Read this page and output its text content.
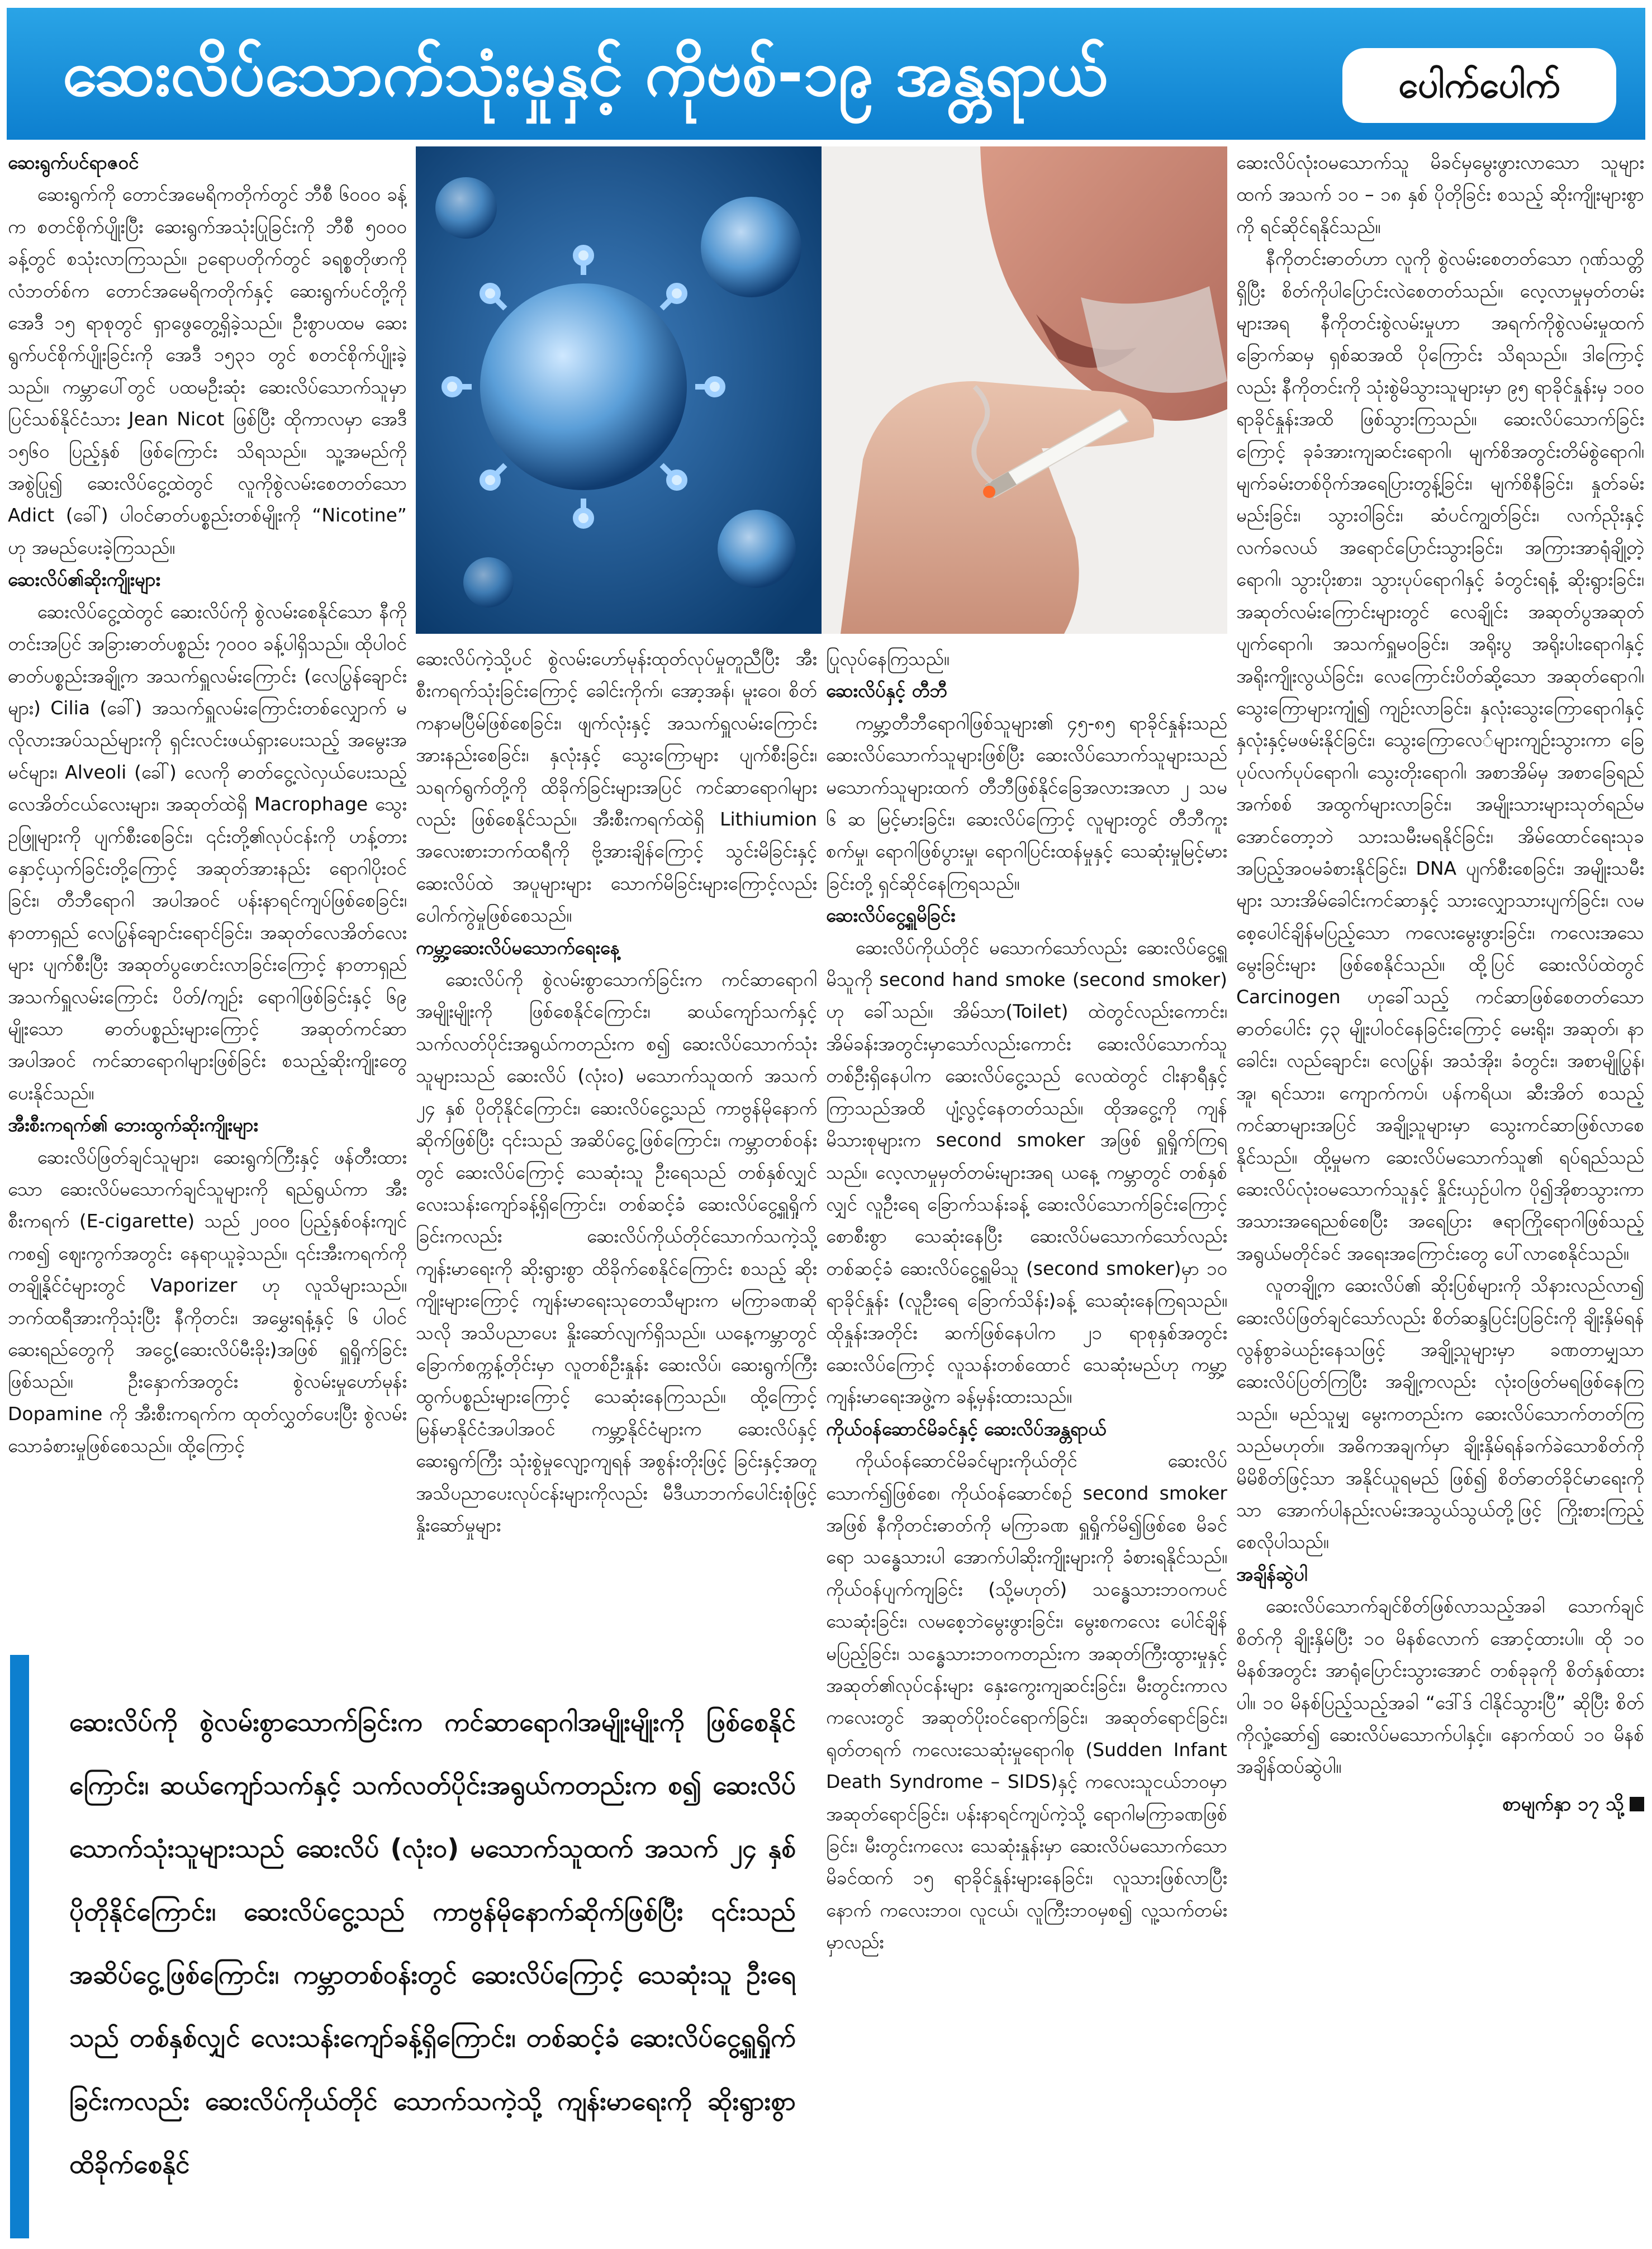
ဆေးလိပ်သောက်သုံးမှုနှင့် ကိုဗစ်-၁၉ အန္တရာယ်	ပေါက်ပေါက်
ဆေးရွက်ပင်ရာဇဝင်

ဆေးရွက်ကို တောင်အမေရိကတိုက်တွင် ဘီစီ ၆၀၀၀ ခန့်က စတင်စိုက်ပျိုးပြီး ဆေးရွက်အသုံးပြုခြင်းကို ဘီစီ ၅၀၀၀ ခန့်တွင် စသုံးလာကြသည်။ ဥရောပတိုက်တွင် ခရစ္စတိုဖာကိုလံဘတ်စ်က တောင်အမေရိကတိုက်နှင့် ဆေးရွက်ပင်တို့ကို အေဒီ ၁၅ ရာစုတွင် ရှာဖွေတွေ့ရှိခဲ့သည်။ ဦးစွာပထမ ဆေးရွက်ပင်စိုက်ပျိုးခြင်းကို အေဒီ ၁၅၃၁ တွင် စတင်စိုက်ပျိုးခဲ့သည်။ ကမ္ဘာပေါ်တွင် ပထမဦးဆုံး ဆေးလိပ်သောက်သူမှာ ပြင်သစ်နိုင်ငံသား Jean Nicot ဖြစ်ပြီး ထိုကာလမှာ အေဒီ ၁၅၆၀ ပြည့်နှစ် ဖြစ်ကြောင်း သိရသည်။ သူ့အမည်ကို အစွဲပြု၍ ဆေးလိပ်ငွေ့ထဲတွင် လူကိုစွဲလမ်းစေတတ်သော Adict (ခေါ်) ပါဝင်ဓာတ်ပစ္စည်းတစ်မျိုးကို “Nicotine” ဟု အမည်ပေးခဲ့ကြသည်။

ဆေးလိပ်၏ဆိုးကျိုးများ

ဆေးလိပ်ငွေ့ထဲတွင် ဆေးလိပ်ကို စွဲလမ်းစေနိုင်သော နီကိုတင်းအပြင် အခြားဓာတ်ပစ္စည်း ၇၀၀၀ ခန့်ပါရှိသည်။ ထိုပါဝင်ဓာတ်ပစ္စည်းအချို့က အသက်ရှူလမ်းကြောင်း (လေပြွန်ချောင်းများ) Cilia (ခေါ်) အသက်ရှူလမ်းကြောင်းတစ်လျှောက် မလိုလားအပ်သည်များကို ရှင်းလင်းဖယ်ရှားပေးသည့် အမွေးအမင်များ၊ Alveoli (ခေါ်) လေကို ဓာတ်ငွေ့လဲလှယ်ပေးသည့် လေအိတ်ငယ်လေးများ၊ အဆုတ်ထဲရှိ Macrophage သွေးဥဖြူများကို ပျက်စီးစေခြင်း၊ ၎င်းတို့၏လုပ်ငန်းကို ဟန့်တားနှောင့်ယှက်ခြင်းတို့ကြောင့် အဆုတ်အားနည်း ရောဂါပိုးဝင်ခြင်း၊ တီဘီရောဂါ အပါအဝင် ပန်းနာရင်ကျပ်ဖြစ်စေခြင်း၊ နာတာရှည် လေပြွန်ချောင်းရောင်ခြင်း၊ အဆုတ်လေအိတ်လေးများ ပျက်စီးပြီး အဆုတ်ပွဖောင်းလာခြင်းကြောင့် နာတာရှည် အသက်ရှူလမ်းကြောင်း ပိတ်/ကျဉ်း ရောဂါဖြစ်ခြင်းနှင့် ၆၉ မျိုးသော ဓာတ်ပစ္စည်းများကြောင့် အဆုတ်ကင်ဆာ အပါအဝင် ကင်ဆာရောဂါများဖြစ်ခြင်း စသည့်ဆိုးကျိုးတွေ ပေးနိုင်သည်။

အီးစီးကရက်၏ ဘေးထွက်ဆိုးကျိုးများ

ဆေးလိပ်ဖြတ်ချင်သူများ၊ ဆေးရွက်ကြီးနှင့် ဖန်တီးထားသော ဆေးလိပ်မသောက်ချင်သူများကို ရည်ရွယ်ကာ အီးစီးကရက် (E-cigarette) သည် ၂၀၀၀ ပြည့်နှစ်ဝန်းကျင်ကစ၍ ဈေးကွက်အတွင်း နေရာယူခဲ့သည်။ ၎င်းအီးကရက်ကို တချို့နိုင်ငံများတွင် Vaporizer ဟု လူသိများသည်။ ဘက်ထရီအားကိုသုံးပြီး နီကိုတင်း၊ အမွှေးရနံ့နှင့် ၆ ပါဝင်ဆေးရည်တွေကို အငွေ့(ဆေးလိပ်မီးခိုး)အဖြစ် ရှူရှိုက်ခြင်းဖြစ်သည်။ ဦးနှောက်အတွင်း စွဲလမ်းမှုဟော်မုန်း Dopamine ကို အီးစီးကရက်က ထုတ်လွှတ်ပေးပြီး စွဲလမ်းသောခံစားမှုဖြစ်စေသည်။ ထို့ကြောင့်

ဆေးလိပ်ကဲ့သို့ပင် စွဲလမ်းဟော်မုန်းထုတ်လုပ်မှုတူညီပြီး အီးစီးကရက်သုံးခြင်းကြောင့် ခေါင်းကိုက်၊ အော့အန်၊ မူးဝေ၊ စိတ်ကနာမပြီမ်ဖြစ်စေခြင်း၊ ဖျက်လုံးနှင့် အသက်ရှူလမ်းကြောင်း အားနည်းစေခြင်း၊ နှလုံးနှင့် သွေးကြောများ ပျက်စီးခြင်း၊ သရက်ရွက်တို့ကို ထိခိုက်ခြင်းများအပြင် ကင်ဆာရောဂါများလည်း ဖြစ်စေနိုင်သည်။ အီးစီးကရက်ထဲရှိ Lithiumion အလေးစားဘက်ထရီကို ဗို့အားချိန်ကြောင့် သွင်းမိခြင်းနှင့် ဆေးလိပ်ထဲ အပူများများ သောက်မိခြင်းများကြောင့်လည်း ပေါက်ကွဲမှုဖြစ်စေသည်။

ကမ္ဘာ့ဆေးလိပ်မသောက်ရေးနေ့

ဆေးလိပ်ကို စွဲလမ်းစွာသောက်ခြင်းက ကင်ဆာရောဂါအမျိုးမျိုးကို ဖြစ်စေနိုင်ကြောင်း၊ ဆယ်ကျော်သက်နှင့် သက်လတ်ပိုင်းအရွယ်ကတည်းက စ၍ ဆေးလိပ်သောက်သုံးသူများသည် ဆေးလိပ် (လုံးဝ) မသောက်သူထက် အသက် ၂၄ နှစ် ပိုတိုနိုင်ကြောင်း၊ ဆေးလိပ်ငွေ့သည် ကာဗွန်မိုနောက်ဆိုက်ဖြစ်ပြီး ၎င်းသည် အဆိပ်ငွေ့ဖြစ်ကြောင်း၊ ကမ္ဘာတစ်ဝန်းတွင် ဆေးလိပ်ကြောင့် သေဆုံးသူ ဦးရေသည် တစ်နှစ်လျှင် လေးသန်းကျော်ခန့်ရှိကြောင်း၊ တစ်ဆင့်ခံ ဆေးလိပ်ငွေ့ရှူရှိုက်ခြင်းကလည်း ဆေးလိပ်ကိုယ်တိုင်သောက်သကဲ့သို့ ကျန်းမာရေးကို ဆိုးရွားစွာ ထိခိုက်စေနိုင်ကြောင်း စသည့် ဆိုးကျိုးများကြောင့် ကျန်းမာရေးသုတေသီများက မကြာခဏဆိုသလို အသိပညာပေး နှိုးဆော်လျက်ရှိသည်။ ယနေ့ကမ္ဘာတွင် ခြောက်စက္ကန့်တိုင်းမှာ လူတစ်ဦးနှုန်း ဆေးလိပ်၊ ဆေးရွက်ကြီးထွက်ပစ္စည်းများကြောင့် သေဆုံးနေကြသည်။ ထို့ကြောင့် မြန်မာနိုင်ငံအပါအဝင် ကမ္ဘာ့နိုင်ငံများက ဆေးလိပ်နှင့် ဆေးရွက်ကြီး သုံးစွဲမှုလျော့ကျရန် အစွန်းတိုးဖြင့် ခြင်းနှင့်အတူ အသိပညာပေးလုပ်ငန်းများကိုလည်း မီဒီယာဘက်ပေါင်းစုံဖြင့် နှိုးဆော်မှုများ

ပြုလုပ်နေကြသည်။

ဆေးလိပ်နှင့် တီဘီ

ကမ္ဘာ့တီဘီရောဂါဖြစ်သူများ၏ ၄၅-၈၅ ရာခိုင်နှုန်းသည် ဆေးလိပ်သောက်သူများဖြစ်ပြီး ဆေးလိပ်သောက်သူများသည် မသောက်သူများထက် တီဘီဖြစ်နိုင်ခြေအလားအလာ ၂ သမ ၆ ဆ မြင့်မားခြင်း၊ ဆေးလိပ်ကြောင့် လူများတွင် တီဘီကူးစက်မှု၊ ရောဂါဖြစ်ပွားမှု၊ ရောဂါပြင်းထန်မှုနှင့် သေဆုံးမှုမြင့်မားခြင်းတို့ ရှင်ဆိုင်နေကြရသည်။

ဆေးလိပ်ငွေ့ရှူမိခြင်း

ဆေးလိပ်ကိုယ်တိုင် မသောက်သော်လည်း ဆေးလိပ်ငွေ့ရှူမိသူကို second hand smoke (second smoker) ဟု ခေါ်သည်။ အိမ်သာ(Toilet) ထဲတွင်လည်းကောင်း၊ အိမ်ခန်းအတွင်းမှာသော်လည်းကောင်း ဆေးလိပ်သောက်သူတစ်ဦးရှိနေပါက ဆေးလိပ်ငွေ့သည် လေထဲတွင် ငါးနာရီနှင့်ကြာသည်အထိ ပျံ့လွင့်နေတတ်သည်။ ထိုအငွေ့ကို ကျန်မိသားစုများက second smoker အဖြစ် ရှူရှိုက်ကြရသည်။ လေ့လာမှုမှတ်တမ်းများအရ ယနေ့ ကမ္ဘာတွင် တစ်နှစ်လျှင် လူဦးရေ ခြောက်သန်းခန့် ဆေးလိပ်သောက်ခြင်းကြောင့် စောစီးစွာ သေဆုံးနေပြီး ဆေးလိပ်မသောက်သော်လည်း တစ်ဆင့်ခံ ဆေးလိပ်ငွေ့ရှူမိသူ (second smoker)မှာ ၁၀ ရာခိုင်နှုန်း (လူဦးရေ ခြောက်သိန်း)ခန့် သေဆုံးနေကြရသည်။ ထိုနှုန်းအတိုင်း ဆက်ဖြစ်နေပါက ၂၁ ရာစုနှစ်အတွင်း ဆေးလိပ်ကြောင့် လူသန်းတစ်ထောင် သေဆုံးမည်ဟု ကမ္ဘာ့ကျန်းမာရေးအဖွဲ့က ခန့်မှန်းထားသည်။

ကိုယ်ဝန်ဆောင်မိခင်နှင့် ဆေးလိပ်အန္တရာယ်

ကိုယ်ဝန်ဆောင်မိခင်များကိုယ်တိုင် ဆေးလိပ်သောက်၍ဖြစ်စေ၊ ကိုယ်ဝန်ဆောင်စဉ် second smoker အဖြစ် နီကိုတင်းဓာတ်ကို မကြာခဏ ရှူရှိုက်မိ၍ဖြစ်စေ မိခင်ရော သန္ဓေသားပါ အောက်ပါဆိုးကျိုးများကို ခံစားရနိုင်သည်။ ကိုယ်ဝန်ပျက်ကျခြင်း (သို့မဟုတ်) သန္ဓေသားဘဝကပင် သေဆုံးခြင်း၊ လမစေ့ဘဲမွေးဖွားခြင်း၊ မွေးစကလေး ပေါင်ချိန် မပြည့်ခြင်း၊ သန္ဓေသားဘဝကတည်းက အဆုတ်ကြီးထွားမှုနှင့် အဆုတ်၏လုပ်ငန်းများ နှေးကွေးကျဆင်းခြင်း၊ မီးတွင်းကာလ ကလေးတွင် အဆုတ်ပိုးဝင်ရောက်ခြင်း၊ အဆုတ်ရောင်ခြင်း၊ ရုတ်တရက် ကလေးသေဆုံးမှုရောဂါစု (Sudden Infant Death Syndrome – SIDS)နှင့် ကလေးသူငယ်ဘဝမှာ အဆုတ်ရောင်ခြင်း၊ ပန်းနာရင်ကျပ်ကဲ့သို့ ရောဂါမကြာခဏဖြစ်ခြင်း၊ မီးတွင်းကလေး သေဆုံးနှုန်းမှာ ဆေးလိပ်မသောက်သော မိခင်ထက် ၁၅ ရာခိုင်နှုန်းများနေခြင်း၊ လူသားဖြစ်လာပြီးနောက် ကလေးဘဝ၊ လူငယ်၊ လူကြီးဘဝမှစ၍ လူ့သက်တမ်းမှာလည်း

ဆေးလိပ်လုံးဝမသောက်သူ မိခင်မှမွေးဖွားလာသော သူများထက် အသက် ၁၀ – ၁၈ နှစ် ပိုတိုခြင်း စသည့် ဆိုးကျိုးများစွာကို ရင်ဆိုင်ရနိုင်သည်။

နီကိုတင်းဓာတ်ဟာ လူကို စွဲလမ်းစေတတ်သော ဂုဏ်သတ္တိရှိပြီး စိတ်ကိုပါပြောင်းလဲစေတတ်သည်။ လေ့လာမှုမှတ်တမ်းများအရ နီကိုတင်းစွဲလမ်းမှုဟာ အရက်ကိုစွဲလမ်းမှုထက် ခြောက်ဆမှ ရှစ်ဆအထိ ပိုကြောင်း သိရသည်။ ဒါကြောင့်လည်း နီကိုတင်းကို သုံးစွဲမိသွားသူများမှာ ၉၅ ရာခိုင်နှုန်းမှ ၁၀၀ ရာခိုင်နှုန်းအထိ ဖြစ်သွားကြသည်။ ဆေးလိပ်သောက်ခြင်းကြောင့် ခုခံအားကျဆင်းရောဂါ၊ မျက်စိအတွင်းတိမ်စွဲရောဂါ၊ မျက်ခမ်းတစ်ဝိုက်အရေပြားတွန့်ခြင်း၊ မျက်စိနီခြင်း၊ နှုတ်ခမ်းမည်းခြင်း၊ သွားဝါခြင်း၊ ဆံပင်ကျွတ်ခြင်း၊ လက်ညိုးနှင့် လက်ခလယ် အရောင်ပြောင်းသွားခြင်း၊ အကြားအာရုံချို့တဲ့ရောဂါ၊ သွားပိုးစား၊ သွားပုပ်ရောဂါနှင့် ခံတွင်းရနံ့ ဆိုးရွားခြင်း၊ အဆုတ်လမ်းကြောင်းများတွင် လေချိုင်း အဆုတ်ပွအဆုတ်ပျက်ရောဂါ၊ အသက်ရှူမဝခြင်း၊ အရိုးပွ အရိုးပါးရောဂါနှင့် အရိုးကျိုးလွယ်ခြင်း၊ လေကြောင်းပိတ်ဆို့သော အဆုတ်ရောဂါ၊ သွေးကြောများကျုံ၍ ကျဉ်းလာခြင်း၊ နှလုံးသွေးကြောရောဂါနှင့် နှလုံးနှင့်မဖမ်းနိုင်ခြင်း၊ သွေးကြောလေ်များကျဉ်းသွားကာ ခြေပုပ်လက်ပုပ်ရောဂါ၊ သွေးတိုးရောဂါ၊ အစာအိမ်မှ အစာခြေရည်အက်စစ် အထွက်များလာခြင်း၊ အမျိုးသားများသုတ်ရည်မအောင်တော့ဘဲ သားသမီးမရနိုင်ခြင်း၊ အိမ်ထောင်ရေးသုခ အပြည့်အဝမခံစားနိုင်ခြင်း၊ DNA ပျက်စီးစေခြင်း၊ အမျိုးသမီးများ သားအိမ်ခေါင်းကင်ဆာနှင့် သားလျှောသားပျက်ခြင်း၊ လမစေ့ပေါင်ချိန်မပြည့်သော ကလေးမွေးဖွားခြင်း၊ ကလေးအသေမွေးခြင်းများ ဖြစ်စေနိုင်သည်။ ထို့ပြင် ဆေးလိပ်ထဲတွင် Carcinogen ဟုခေါ်သည့် ကင်ဆာဖြစ်စေတတ်သော ဓာတ်ပေါင်း ၄၃ မျိုးပါဝင်နေခြင်းကြောင့် မေးရိုး၊ အဆုတ်၊ နာခေါင်း၊ လည်ချောင်း၊ လေပြွန်၊ အသံအိုး၊ ခံတွင်း၊ အစာမျိုပြွန်၊ အူ၊ ရင်သား၊ ကျောက်ကပ်၊ ပန်ကရိယ၊ ဆီးအိတ် စသည့်ကင်ဆာများအပြင် အချို့သူများမှာ သွေးကင်ဆာဖြစ်လာစေနိုင်သည်။ ထို့မှုမက ဆေးလိပ်မသောက်သူ၏ ရပ်ရည်သည် ဆေးလိပ်လုံးဝမသောက်သူနှင့် နှိုင်းယှဉ်ပါက ပို၍အိုစာသွားကာ အသားအရေညစ်စေပြီး အရေပြား ဇရာကြိုရောဂါဖြစ်သည့် အရွယ်မတိုင်ခင် အရေးအကြောင်းတွေ ပေါ်လာစေနိုင်သည်။

လူတချို့က ဆေးလိပ်၏ ဆိုးပြစ်များကို သိနားလည်လာ၍ ဆေးလိပ်ဖြတ်ချင်သော်လည်း စိတ်ဆန္ဒပြင်းပြခြင်းကို ချိုးနှိမ်ရန် လွန်စွာခဲယဉ်းနေသဖြင့် အချို့သူများမှာ ခဏတာမျှသာ ဆေးလိပ်ပြတ်ကြပြီး အချို့ကလည်း လုံးဝဖြတ်မရဖြစ်နေကြသည်။ မည်သူမျှ မွေးကတည်းက ဆေးလိပ်သောက်တတ်ကြသည်မဟုတ်။ အဓိကအချက်မှာ ချိုးနှိမ်ရန်ခက်ခဲသောစိတ်ကို မိမိစိတ်ဖြင့်သာ အနိုင်ယူရမည် ဖြစ်၍ စိတ်ဓာတ်ခိုင်မာရေးကိုသာ အောက်ပါနည်းလမ်းအသွယ်သွယ်တို့ဖြင့် ကြိုးစားကြည့်စေလိုပါသည်။

အချိန်ဆွဲပါ

ဆေးလိပ်သောက်ချင်စိတ်ဖြစ်လာသည့်အခါ သောက်ချင်စိတ်ကို ချိုးနှိမ်ပြီး ၁၀ မိနစ်လောက် အောင့်ထားပါ။ ထို ၁၀ မိနစ်အတွင်း အာရုံပြောင်းသွားအောင် တစ်ခုခုကို စိတ်နှစ်ထားပါ။ ၁၀ မိနစ်ပြည့်သည့်အခါ “ဒေါ်ဒ် ငါနိုင်သွားပြီ” ဆိုပြီး စိတ်ကိုလှုံ့ဆော်၍ ဆေးလိပ်မသောက်ပါနှင့်။ နောက်ထပ် ၁၀ မိနစ် အချိန်ထပ်ဆွဲပါ။

စာမျက်နှာ ၁၇ သို့
ဆေးလိပ်ကို စွဲလမ်းစွာသောက်ခြင်းက ကင်ဆာရောဂါအမျိုးမျိုးကို ဖြစ်စေနိုင်ကြောင်း၊ ဆယ်ကျော်သက်နှင့် သက်လတ်ပိုင်းအရွယ်ကတည်းက စ၍ ဆေးလိပ်သောက်သုံးသူများသည် ဆေးလိပ် (လုံးဝ) မသောက်သူထက် အသက် ၂၄ နှစ် ပိုတိုနိုင်ကြောင်း၊ ဆေးလိပ်ငွေ့သည် ကာဗွန်မိုနောက်ဆိုက်ဖြစ်ပြီး ၎င်းသည် အဆိပ်ငွေ့ဖြစ်ကြောင်း၊ ကမ္ဘာတစ်ဝန်းတွင် ဆေးလိပ်ကြောင့် သေဆုံးသူ ဦးရေသည် တစ်နှစ်လျှင် လေးသန်းကျော်ခန့်ရှိကြောင်း၊ တစ်ဆင့်ခံ ဆေးလိပ်ငွေ့ရှူရှိုက်ခြင်းကလည်း ဆေးလိပ်ကိုယ်တိုင် သောက်သကဲ့သို့ ကျန်းမာရေးကို ဆိုးရွားစွာ ထိခိုက်စေနိုင်
